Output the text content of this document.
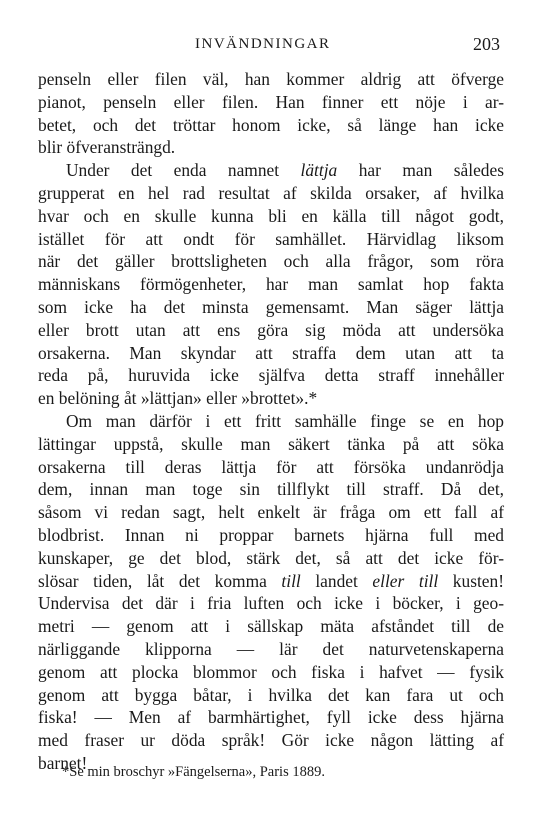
INVÄNDNINGAR	203
penseln eller filen väl, han kommer aldrig att öfverge
pianot, penseln eller filen. Han finner ett nöje i ar-
betet, och det tröttar honom icke, så länge han icke
blir öfveransträngd.
Under det enda namnet lättja har man således
grupperat en hel rad resultat af skilda orsaker, af hvilka
hvar och en skulle kunna bli en källa till något godt,
istället för att ondt för samhället. Härvidlag liksom
när det gäller brottsligheten och alla frågor, som röra
människans förmögenheter, har man samlat hop fakta
som icke ha det minsta gemensamt. Man säger lättja
eller brott utan att ens göra sig möda att undersöka
orsakerna. Man skyndar att straffa dem utan att ta
reda på, huruvida icke själfva detta straff innehåller
en belöning åt »lättjan» eller »brottet».*
Om man därför i ett fritt samhälle finge se en hop
lättingar uppstå, skulle man säkert tänka på att söka
orsakerna till deras lättja för att försöka undanrödja
dem, innan man toge sin tillflykt till straff. Då det,
såsom vi redan sagt, helt enkelt är fråga om ett fall af
blodbrist. Innan ni proppar barnets hjärna full med
kunskaper, ge det blod, stärk det, så att det icke för-
slösar tiden, låt det komma till landet eller till kusten!
Undervisa det där i fria luften och icke i böcker, i geo-
metri — genom att i sällskap mäta afståndet till de
närliggande klipporna — lär det naturvetenskaperna
genom att plocka blommor och fiska i hafvet — fysik
genom att bygga båtar, i hvilka det kan fara ut och
fiska! — Men af barmhärtighet, fyll icke dess hjärna
med fraser ur döda språk! Gör icke någon lätting af
barnet!
*Se min broschyr »Fängelserna», Paris 1889.
